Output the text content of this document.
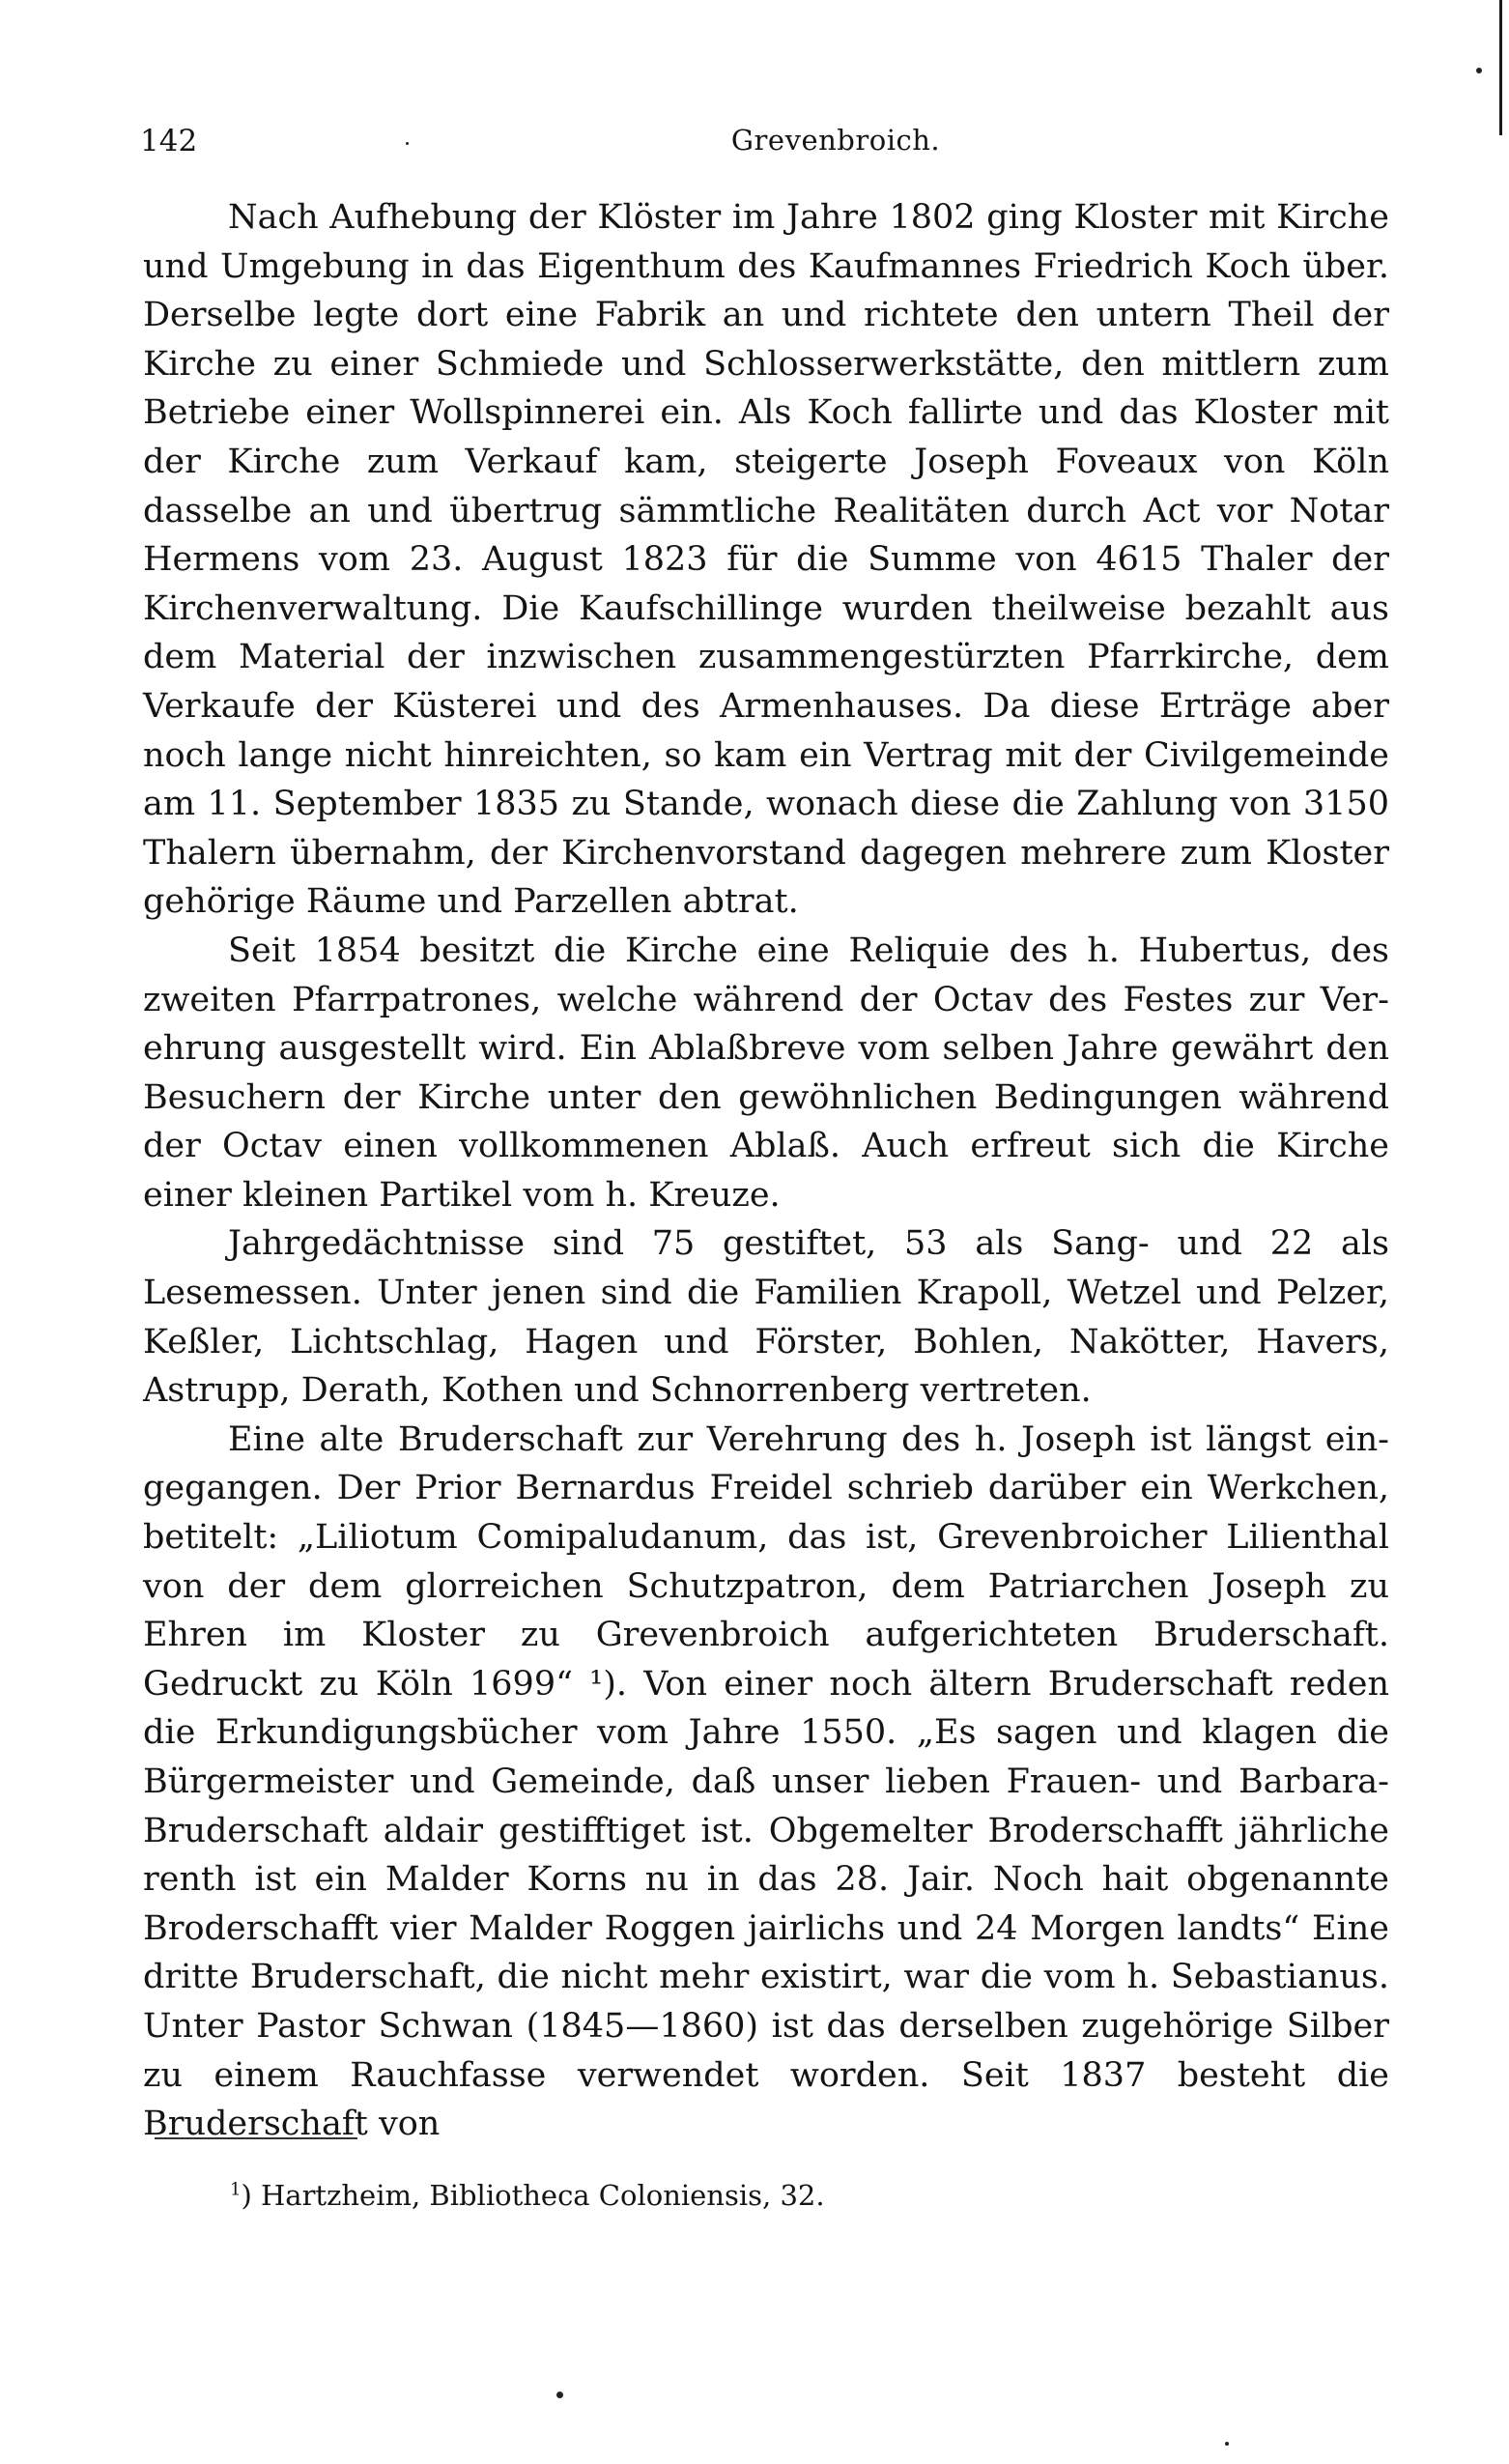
142	Grevenbroich.

Nach Aufhebung der Klöster im Jahre 1802 ging Kloster mit Kirche und Umgebung in das Eigenthum des Kaufmannes Friedrich Koch über. Derselbe legte dort eine Fabrik an und richtete den untern Theil der Kirche zu einer Schmiede und Schlosserwerkstätte, den mittlern zum Betriebe einer Wollspinnerei ein. Als Koch fallirte und das Kloster mit der Kirche zum Verkauf kam, steigerte Joseph Foveaux von Köln dasselbe an und übertrug sämmtliche Realitäten durch Act vor Notar Hermens vom 23. August 1823 für die Summe von 4615 Thaler der Kirchenverwaltung. Die Kaufschillinge wurden theilweise bezahlt aus dem Material der inzwischen zusammengestürzten Pfarrkirche, dem Verkaufe der Küsterei und des Armenhauses. Da diese Erträge aber noch lange nicht hinreichten, so kam ein Vertrag mit der Civilgemeinde am 11. September 1835 zu Stande, wonach diese die Zahlung von 3150 Thalern übernahm, der Kirchenvorstand dagegen mehrere zum Kloster gehörige Räume und Parzellen abtrat.

Seit 1854 besitzt die Kirche eine Reliquie des h. Hubertus, des zweiten Pfarrpatrones, welche während der Octav des Festes zur Verehrung ausgestellt wird. Ein Ablaßbreve vom selben Jahre gewährt den Besuchern der Kirche unter den gewöhnlichen Bedingungen während der Octav einen vollkommenen Ablaß. Auch erfreut sich die Kirche einer kleinen Partikel vom h. Kreuze.

Jahrgedächtnisse sind 75 gestiftet, 53 als Sang- und 22 als Lesemessen. Unter jenen sind die Familien Krapoll, Wetzel und Pelzer, Keßler, Lichtschlag, Hagen und Förster, Bohlen, Nakötter, Havers, Astrupp, Derath, Kothen und Schnorrenberg vertreten.

Eine alte Bruderschaft zur Verehrung des h. Joseph ist längst eingegangen. Der Prior Bernardus Freidel schrieb darüber ein Werkchen, betitelt: „Liliotum Comipaludanum, das ist, Grevenbroicher Lilienthal von der dem glorreichen Schutzpatron, dem Patriarchen Joseph zu Ehren im Kloster zu Grevenbroich aufgerichteten Bruderschaft. Gedruckt zu Köln 1699“ ¹). Von einer noch ältern Bruderschaft reden die Erkundigungsbücher vom Jahre 1550. „Es sagen und klagen die Bürgermeister und Gemeinde, daß unser lieben Frauen- und Barbara-Bruderschaft aldair gestifftiget ist. Obgemelter Broderschafft jährliche renth ist ein Malder Korns nu in das 28. Jair. Noch hait obgenannte Broderschafft vier Malder Roggen jairlichs und 24 Morgen landts“ Eine dritte Bruderschaft, die nicht mehr existirt, war die vom h. Sebastianus. Unter Pastor Schwan (1845—1860) ist das derselben zugehörige Silber zu einem Rauchfasse verwendet worden. Seit 1837 besteht die Bruderschaft von

$^1$) Hartzheim, Bibliotheca Coloniensis, 32.
